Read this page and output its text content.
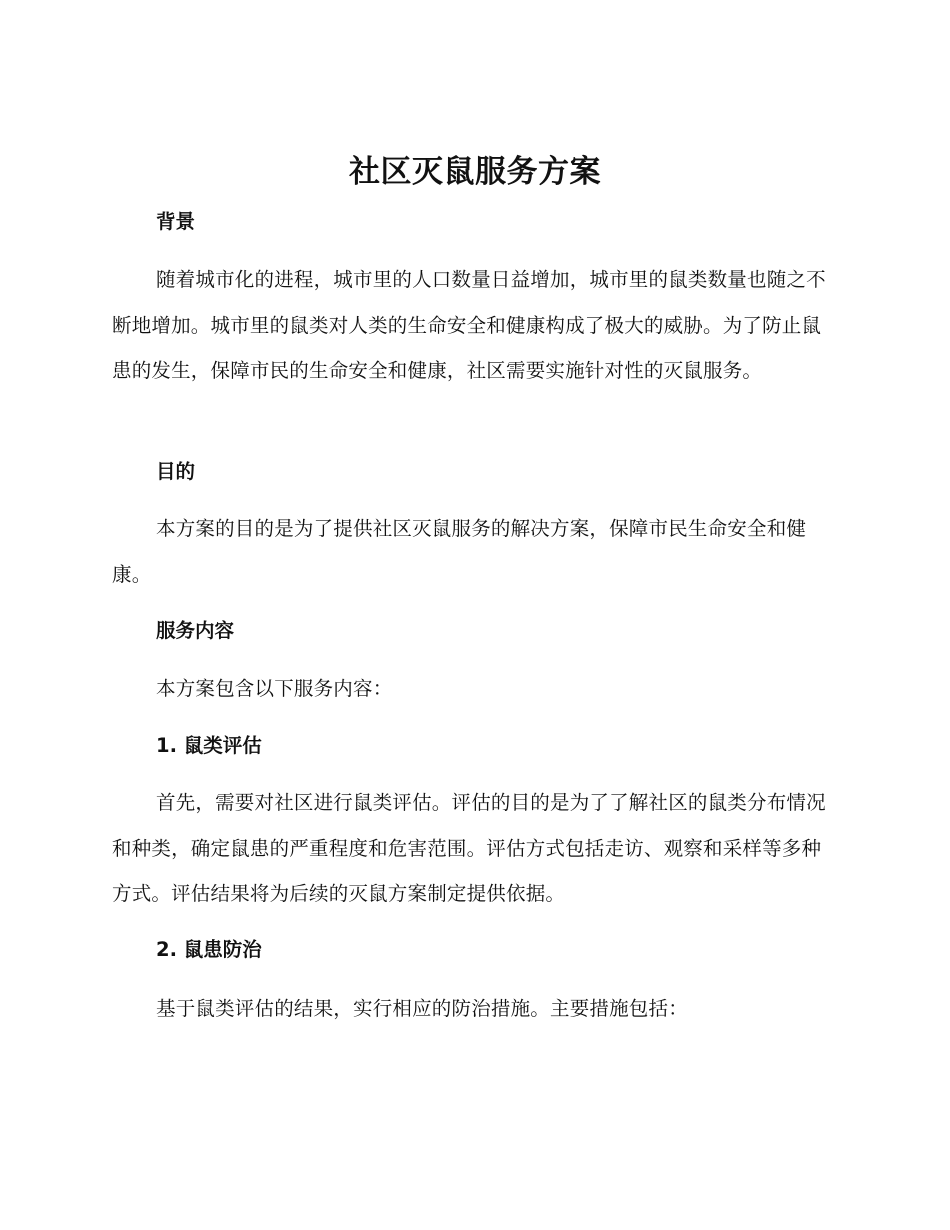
社区灭鼠服务方案
背景

随着城市化的进程，城市里的人口数量日益增加，城市里的鼠类数量也随之不断地增加。城市里的鼠类对人类的生命安全和健康构成了极大的威胁。为了防止鼠患的发生，保障市民的生命安全和健康，社区需要实施针对性的灭鼠服务。

目的

本方案的目的是为了提供社区灭鼠服务的解决方案，保障市民生命安全和健康。

服务内容

本方案包含以下服务内容：

1. 鼠类评估

首先，需要对社区进行鼠类评估。评估的目的是为了了解社区的鼠类分布情况和种类，确定鼠患的严重程度和危害范围。评估方式包括走访、观察和采样等多种方式。评估结果将为后续的灭鼠方案制定提供依据。

2. 鼠患防治

基于鼠类评估的结果，实行相应的防治措施。主要措施包括：
